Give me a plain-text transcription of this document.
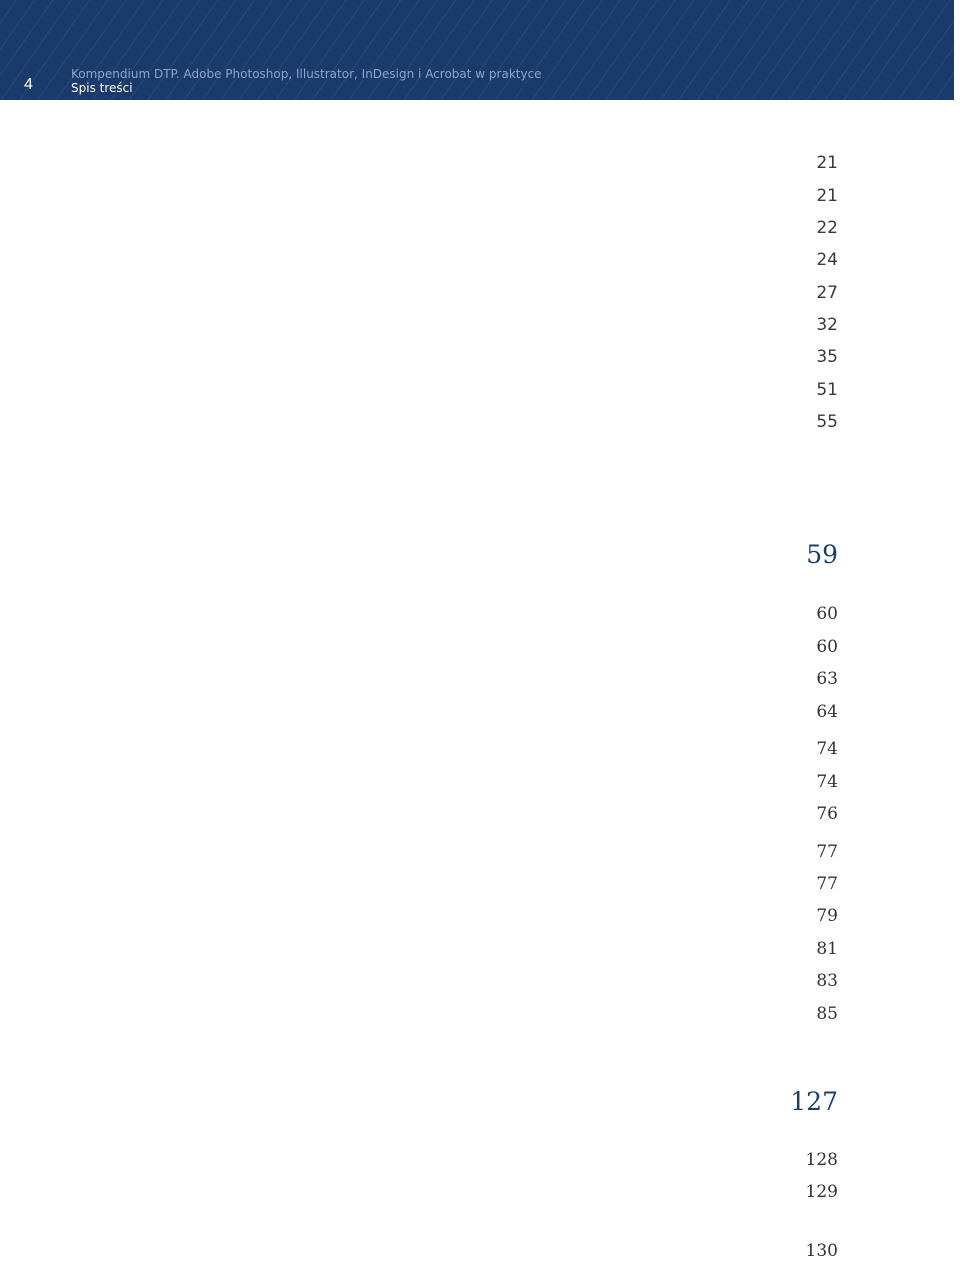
4
Kompendium DTP. Adobe Photoshop, Illustrator, InDesign i Acrobat w praktyce
Spis treści
21
21
22
24
27
32
35
51
55
59
60
60
63
64
74
74
76
77
77
79
81
83
85
127
128
129
130
